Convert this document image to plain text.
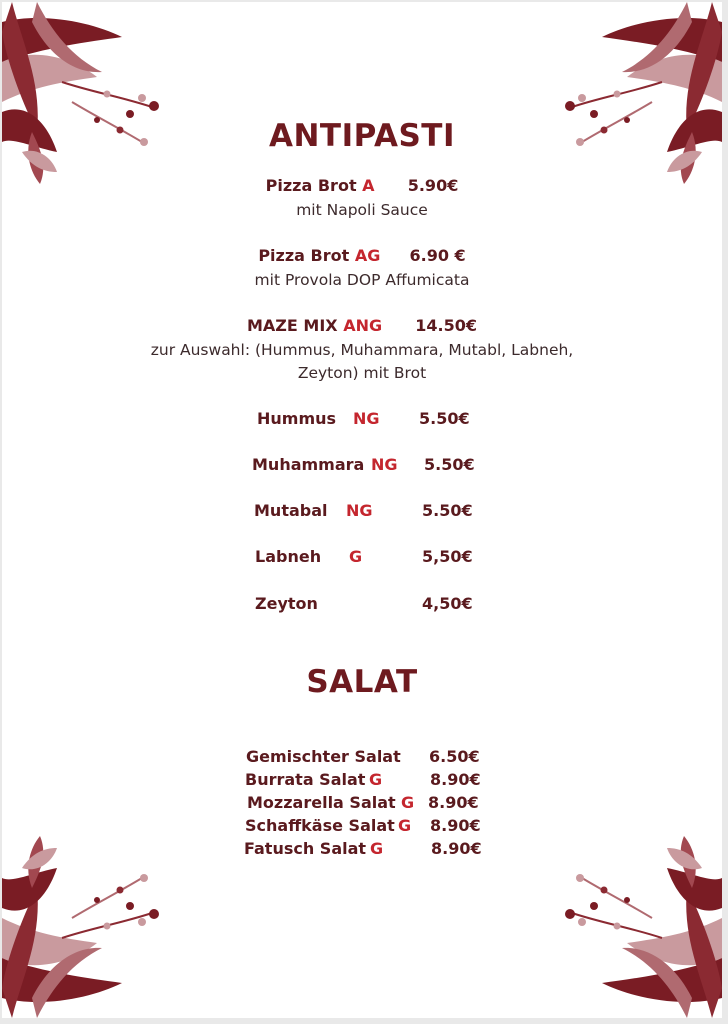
ANTIPASTI
Pizza Brot A 5.90€
mit Napoli Sauce
Pizza Brot AG 6.90 €
mit Provola DOP Affumicata
MAZE MIX ANG 14.50€
zur Auswahl: (Hummus, Muhammara, Mutabl, Labneh,
Zeyton) mit Brot
Hummus NG 5.50€
Muhammara NG 5.50€
Mutabal NG	5.50€
Labneh G	5,50€
Zeyton	4,50€
SALAT
Gemischter Salat 6.50€
Burrata Salat G	8.90€
Mozzarella Salat G 8.90€
Schaffkäse Salat G 8.90€
Fatusch Salat G	8.90€
